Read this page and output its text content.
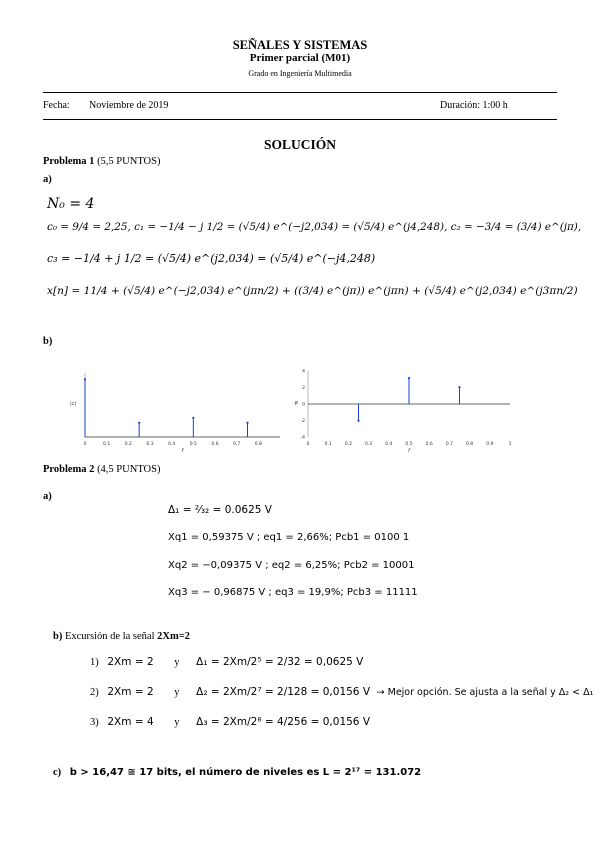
SEÑALES Y SISTEMAS
Primer parcial (M01)
Grado en Ingeniería Multimedia
Fecha: Noviembre de 2019	Duración: 1:00 h
SOLUCIÓN
Problema 1 (5,5 PUNTOS)
a)
N₀ = 4
c₀ = 9/4 = 2,25, c₁ = −1/4 − j 1/2 = (√5/4) e^(−j2,034) = (√5/4) e^(j4,248), c₂ = −3/4 = (3/4) e^(jπ),
c₃ = −1/4 + j 1/2 = (√5/4) e^(j2,034) = (√5/4) e^(−j4,248)
x[n] = 11/4 + (√5/4) e^(−j2,034) e^(jπn/2) + ((3/4) e^(jπ)) e^(jπn) + (√5/4) e^(j2,034) e^(j3πn/2)
b)
0	0.1	0.2	0.3	0.4	0.5	0.6	0.7	0.8
f
|c|
0	0.1	0.2	0.3	0.4	0.5	0.6	0.7	0.8	0.9	1
-4
-2
0
2
4
f
φ
Problema 2 (4,5 PUNTOS)
a)
Δ₁ = ²⁄₃₂ = 0.0625 V
Xq1 = 0,59375 V ; eq1 = 2,66%; Pcb1 = 0100 1
Xq2 = −0,09375 V ; eq2 = 6,25%; Pcb2 = 10001
Xq3 = − 0,96875 V ; eq3 = 19,9%; Pcb3 = 11111
b) Excursión de la señal 2Xm=2
1) 2Xm = 2 y Δ₁ = 2Xm/2⁵ = 2/32 = 0,0625 V
2) 2Xm = 2 y Δ₂ = 2Xm/2⁷ = 2/128 = 0,0156 V → Mejor opción. Se ajusta a la señal y Δ₂ < Δ₁
3) 2Xm = 4 y Δ₃ = 2Xm/2⁸ = 4/256 = 0,0156 V
c) b > 16,47 ≅ 17 bits, el número de niveles es L = 2¹⁷ = 131.072
